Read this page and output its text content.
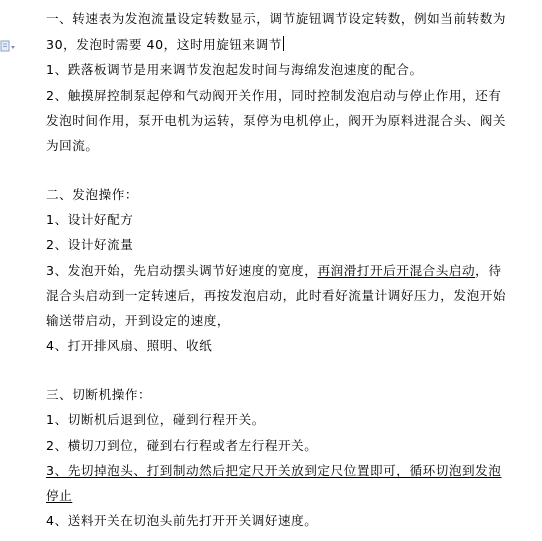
一、转速表为发泡流量设定转数显示，调节旋钮调节设定转数，例如当前转数为
30，发泡时需要 40，这时用旋钮来调节
1、跌落板调节是用来调节发泡起发时间与海绵发泡速度的配合。
2、触摸屏控制泵起停和气动阀开关作用，同时控制发泡启动与停止作用，还有
发泡时间作用，泵开电机为运转，泵停为电机停止，阀开为原料进混合头、阀关
为回流。
二、发泡操作：
1、设计好配方
2、设计好流量
3、发泡开始，先启动摆头调节好速度的宽度，再润滑打开后开混合头启动，待
混合头启动到一定转速后，再按发泡启动，此时看好流量计调好压力，发泡开始
输送带启动，开到设定的速度，
4、打开排风扇、照明、收纸
三、切断机操作：
1、切断机后退到位，碰到行程开关。
2、横切刀到位，碰到右行程或者左行程开关。
3、先切掉泡头、打到制动然后把定尺开关放到定尺位置即可，循环切泡到发泡
停止
4、送料开关在切泡头前先打开开关调好速度。
